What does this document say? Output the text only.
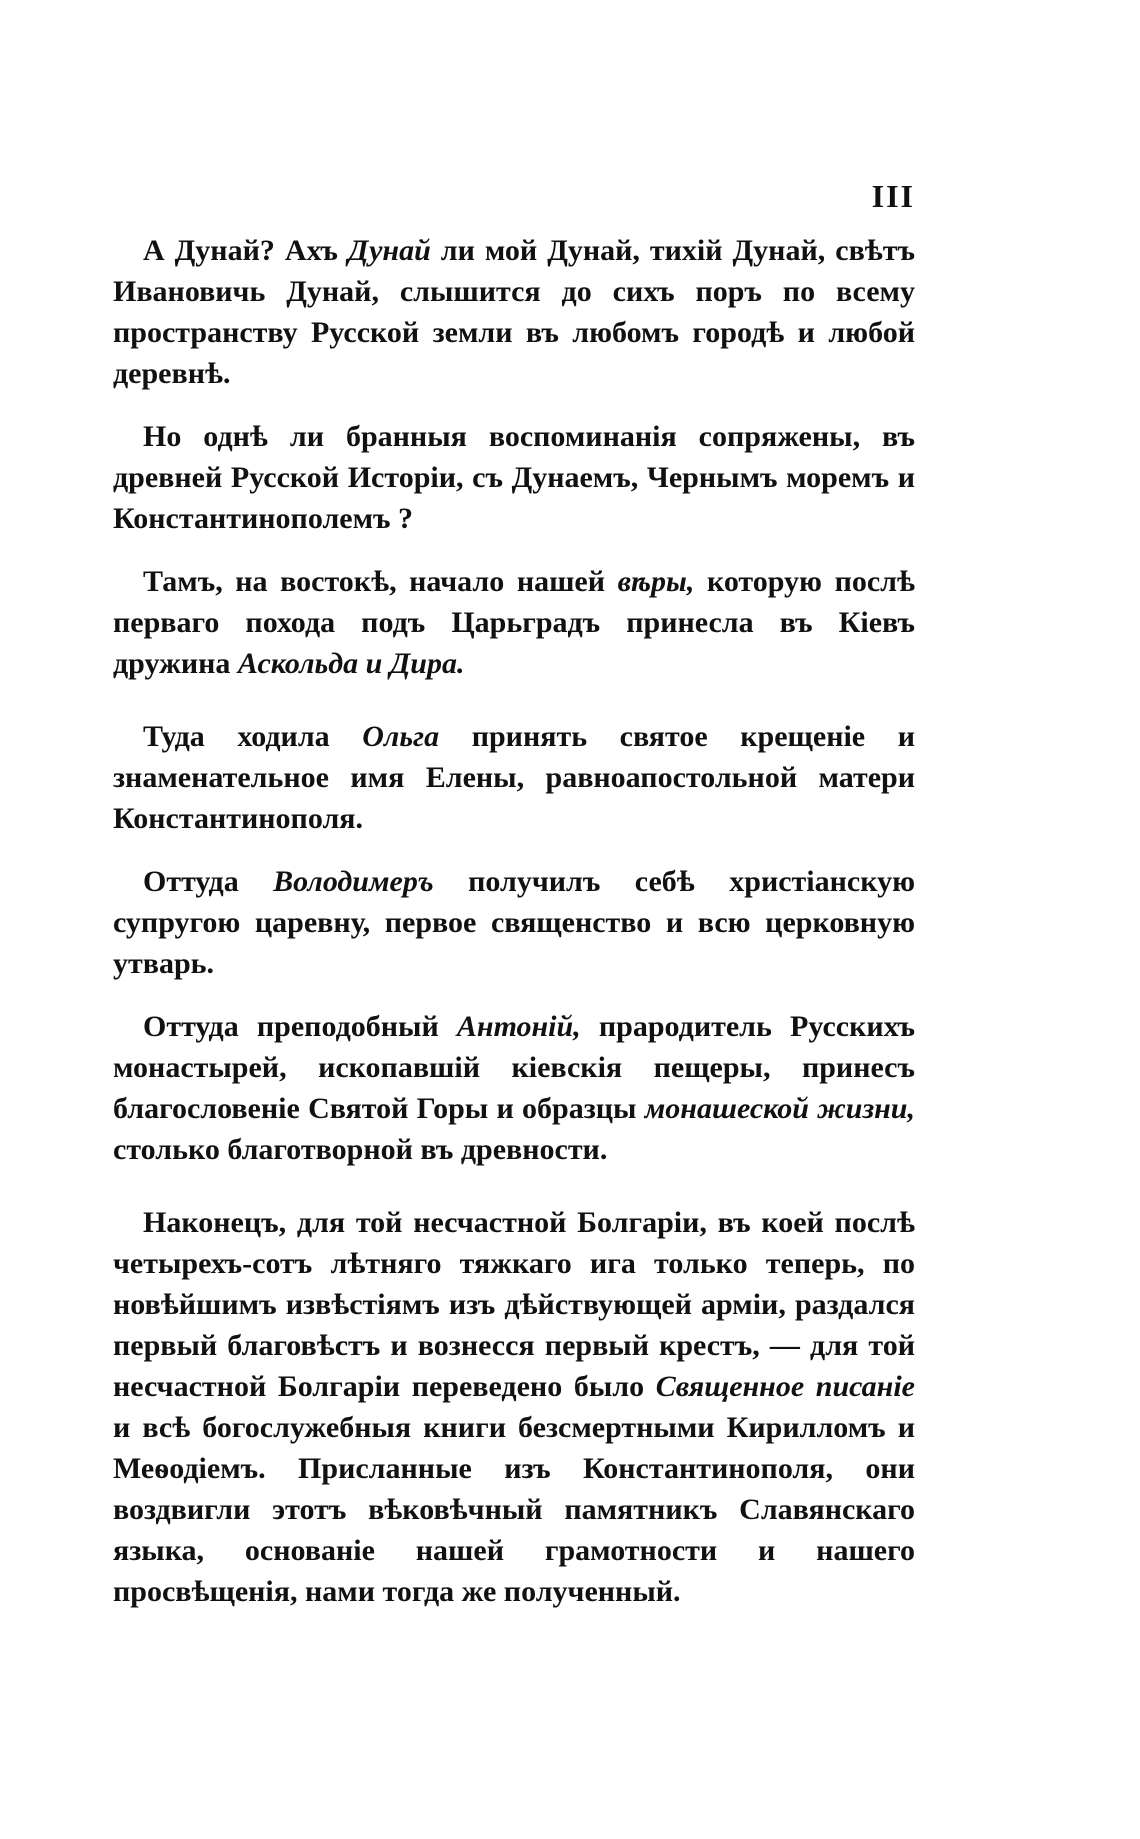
III

А Дунай? Ахъ Дунай ли мой Дунай, тихій Дунай, свѣтъ Ивановичь Дунай, слышится до сихъ поръ по всему пространству Русской земли въ любомъ городѣ и любой деревнѣ.

Но однѣ ли бранныя воспоминанія сопряжены, въ древней Русской Исторіи, съ Дунаемъ, Чернымъ моремъ и Константинополемъ ?

Тамъ, на востокѣ, начало нашей вѣры, которую послѣ перваго похода подъ Царьградъ принесла въ Кіевъ дружина Аскольда и Дира.

Туда ходила Ольга принять святое крещеніе и знаменательное имя Елены, равноапостольной матери Константинополя.

Оттуда Володимеръ получилъ себѣ христіанскую супругою царевну, первое священство и всю церковную утварь.

Оттуда преподобный Антоній, прародитель Русскихъ монастырей, ископавшій кіевскія пещеры, принесъ благословеніе Святой Горы и образцы монашеской жизни, столько благотворной въ древности.

Наконецъ, для той несчастной Болгаріи, въ коей послѣ четырехъ-сотъ лѣтняго тяжкаго ига только теперь, по новѣйшимъ извѣстіямъ изъ дѣйствующей арміи, раздался первый благовѣстъ и вознесся первый крестъ, — для той несчастной Болгаріи переведено было Священное писаніе и всѣ богослужебныя книги безсмертными Кирилломъ и Меѳодіемъ. Присланные изъ Константинополя, они воздвигли этотъ вѣковѣчный памятникъ Славянскаго языка, основаніе нашей грамотности и нашего просвѣщенія, нами тогда же полученный.
